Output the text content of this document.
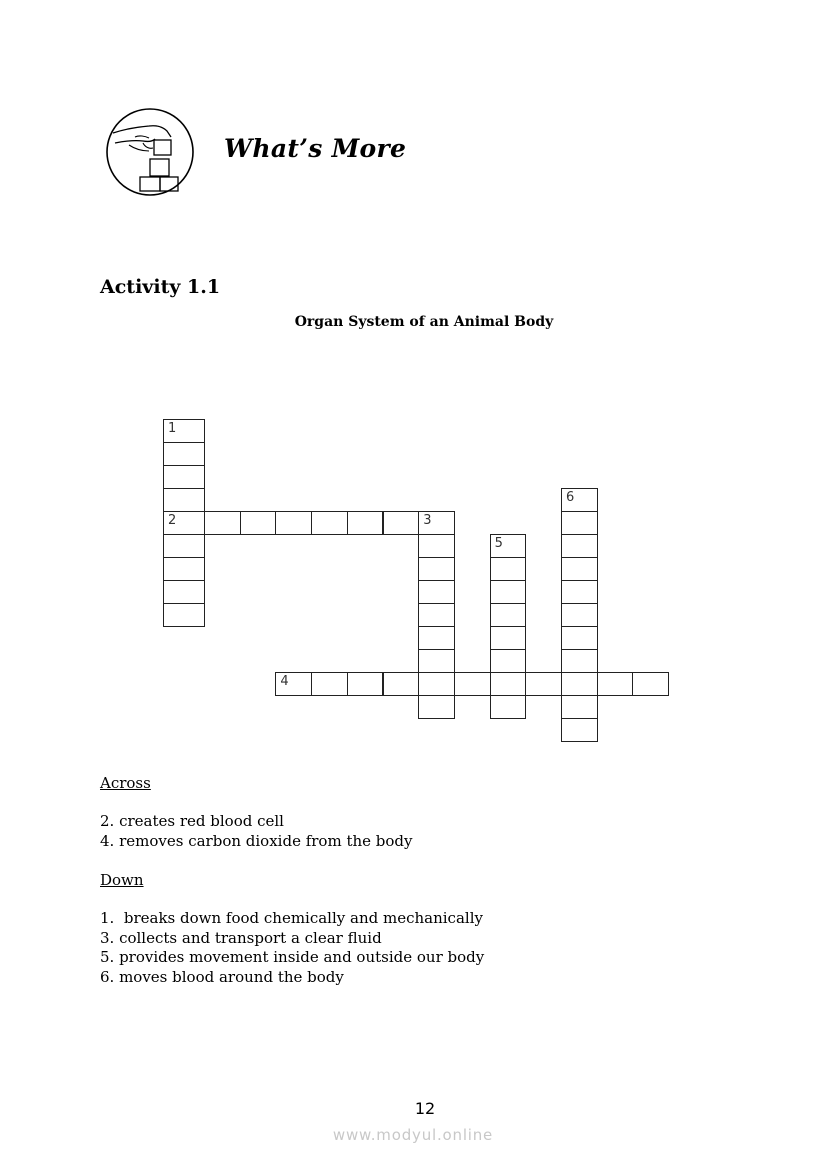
What’s More
Activity 1.1
Organ System of an Animal Body
1
2	3
4
5
6
Across
2. creates red blood cell
4. removes carbon dioxide from the body
Down
1.  breaks down food chemically and mechanically
3. collects and transport a clear fluid
5. provides movement inside and outside our body
6. moves blood around the body
12
www.modyul.online
